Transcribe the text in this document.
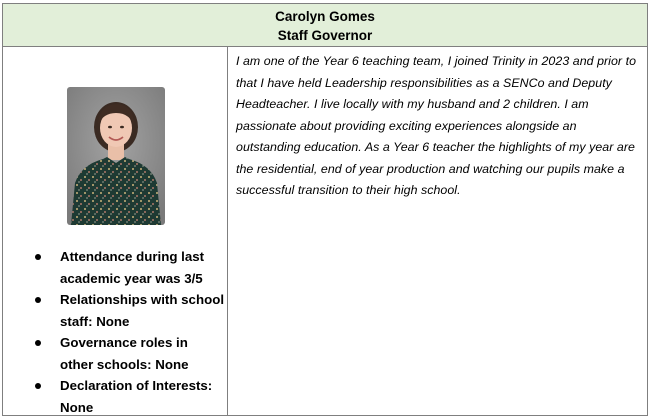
Carolyn Gomes
Staff Governor
Attendance during last academic year was 3/5
Relationships with school staff: None
Governance roles in other schools: None
Declaration of Interests: None

I am one of the Year 6 teaching team, I joined Trinity in 2023 and prior to that I have held Leadership responsibilities as a SENCo and Deputy Headteacher. I live locally with my husband and 2 children. I am passionate about providing exciting experiences alongside an outstanding education. As a Year 6 teacher the highlights of my year are the residential, end of year production and watching our pupils make a successful transition to their high school.
